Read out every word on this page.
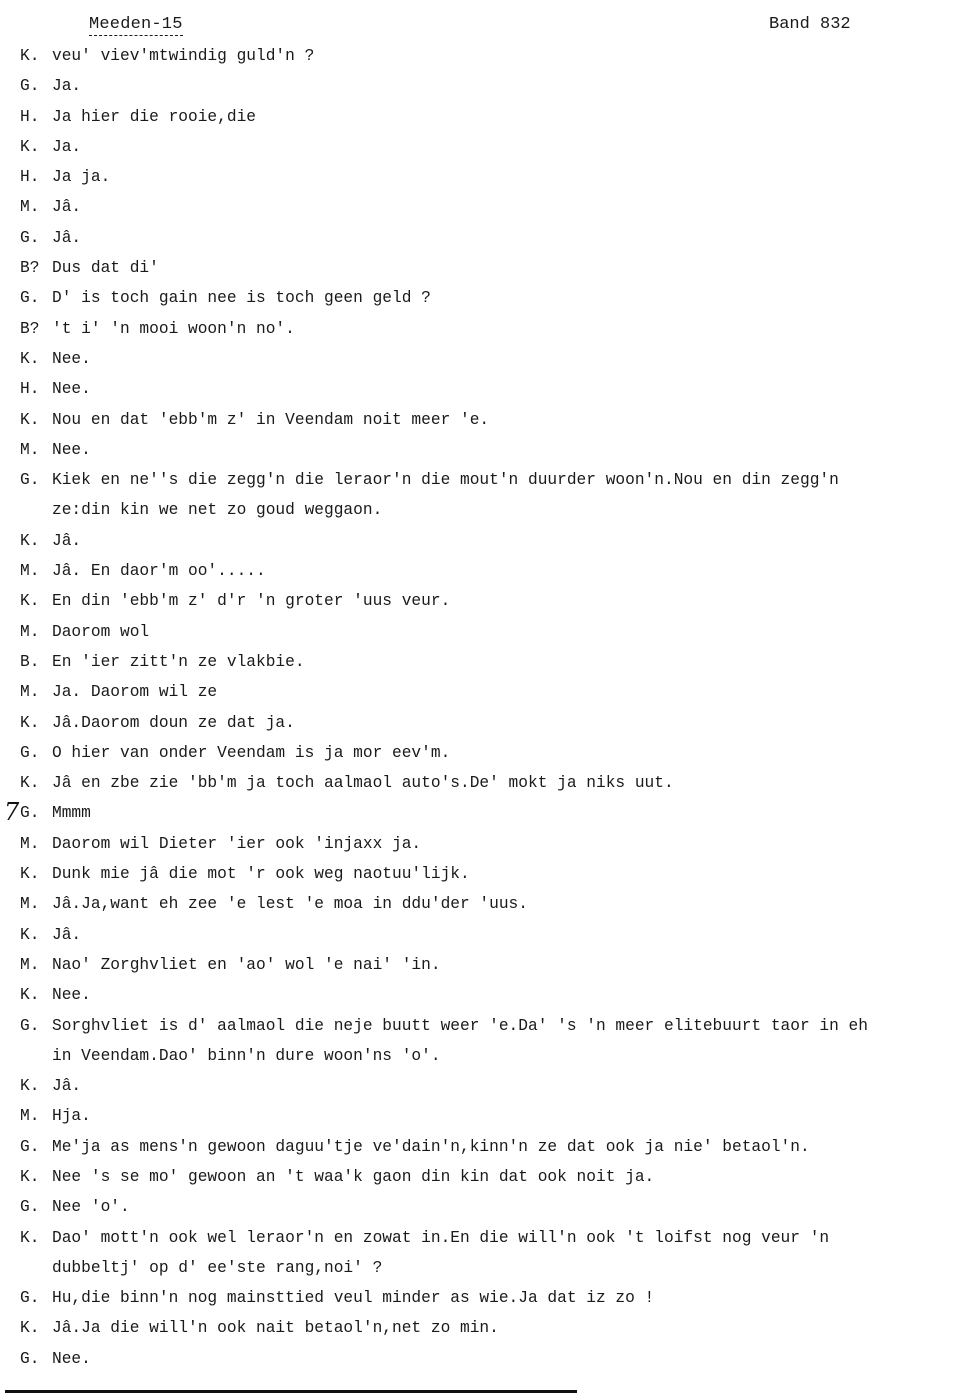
Meeden-15	Band 832
7
K. veu' viev'mtwindig guld'n ?
G. Ja.
H. Ja hier die rooie,die
K. Ja.
H. Ja ja.
M. Jâ.
G. Jâ.
B? Dus dat di'
G. D' is toch gain nee is toch geen geld ?
B? 't i' 'n mooi woon'n no'.
K. Nee.
H. Nee.
K. Nou en dat 'ebb'm z' in Veendam noit meer 'e.
M. Nee.
G. Kiek en ne''s die zegg'n die leraor'n die mout'n duurder woon'n.Nou en din zegg'n
ze:din kin we net zo goud weggaon.
K. Jâ.
M. Jâ. En daor'm oo'.....
K. En din 'ebb'm z' d'r 'n groter 'uus veur.
M. Daorom wol
B. En 'ier zitt'n ze vlakbie.
M. Ja. Daorom wil ze
K. Jâ.Daorom doun ze dat ja.
G. O hier van onder Veendam is ja mor eev'm.
K. Jâ en zbe zie 'bb'm ja toch aalmaol auto's.De' mokt ja niks uut.
G. Mmmm
M. Daorom wil Dieter 'ier ook 'injaxx ja.
K. Dunk mie jâ die mot 'r ook weg naotuu'lijk.
M. Jâ.Ja,want eh zee 'e lest 'e moa in ddu'der 'uus.
K. Jâ.
M. Nao' Zorghvliet en 'ao' wol 'e nai' 'in.
K. Nee.
G. Sorghvliet is d' aalmaol die neje buutt weer 'e.Da' 's 'n meer elitebuurt taor in eh
in Veendam.Dao' binn'n dure woon'ns 'o'.
K. Jâ.
M. Hja.
G. Me'ja as mens'n gewoon daguu'tje ve'dain'n,kinn'n ze dat ook ja nie' betaol'n.
K. Nee 's se mo' gewoon an 't waa'k gaon din kin dat ook noit ja.
G. Nee 'o'.
K. Dao' mott'n ook wel leraor'n en zowat in.En die will'n ook 't loifst nog veur 'n
dubbeltj' op d' ee'ste rang,noi' ?
G. Hu,die binn'n nog mainsttied veul minder as wie.Ja dat iz zo !
K. Jâ.Ja die will'n ook nait betaol'n,net zo min.
G. Nee.
